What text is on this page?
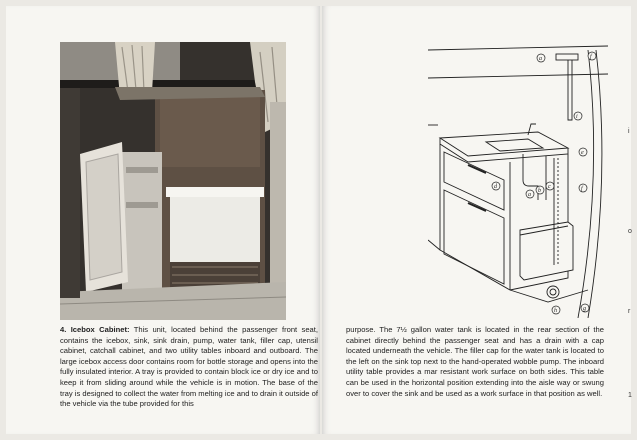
4. Icebox Cabinet: This unit, located behind the passenger front seat, contains the icebox, sink, sink drain, pump, water tank, filler cap, utensil cabinet, catchall cabinet, and two utility tables inboard and outboard. The large icebox access door contains room for bottle storage and opens into the fully insulated interior. A tray is provided to contain block ice or dry ice and to keep it from sliding around while the vehicle is in motion. The base of the tray is designed to collect the water from melting ice and to drain it outside of the vehicle via the tube provided for this
a	f
i
e
f
d
a
b
c
g
h
purpose. The 7½ gallon water tank is located in the rear section of the cabinet directly behind the passenger seat and has a drain with a cap located underneath the vehicle. The filler cap for the water tank is located to the left on the sink top next to the hand-operated wobble pump. The inboard utility table provides a mar resistant work surface on both sides. This table can be used in the horizontal position extending into the aisle way or swung over to cover the sink and be used as a work surface in that position as well.
i
o
r
1
